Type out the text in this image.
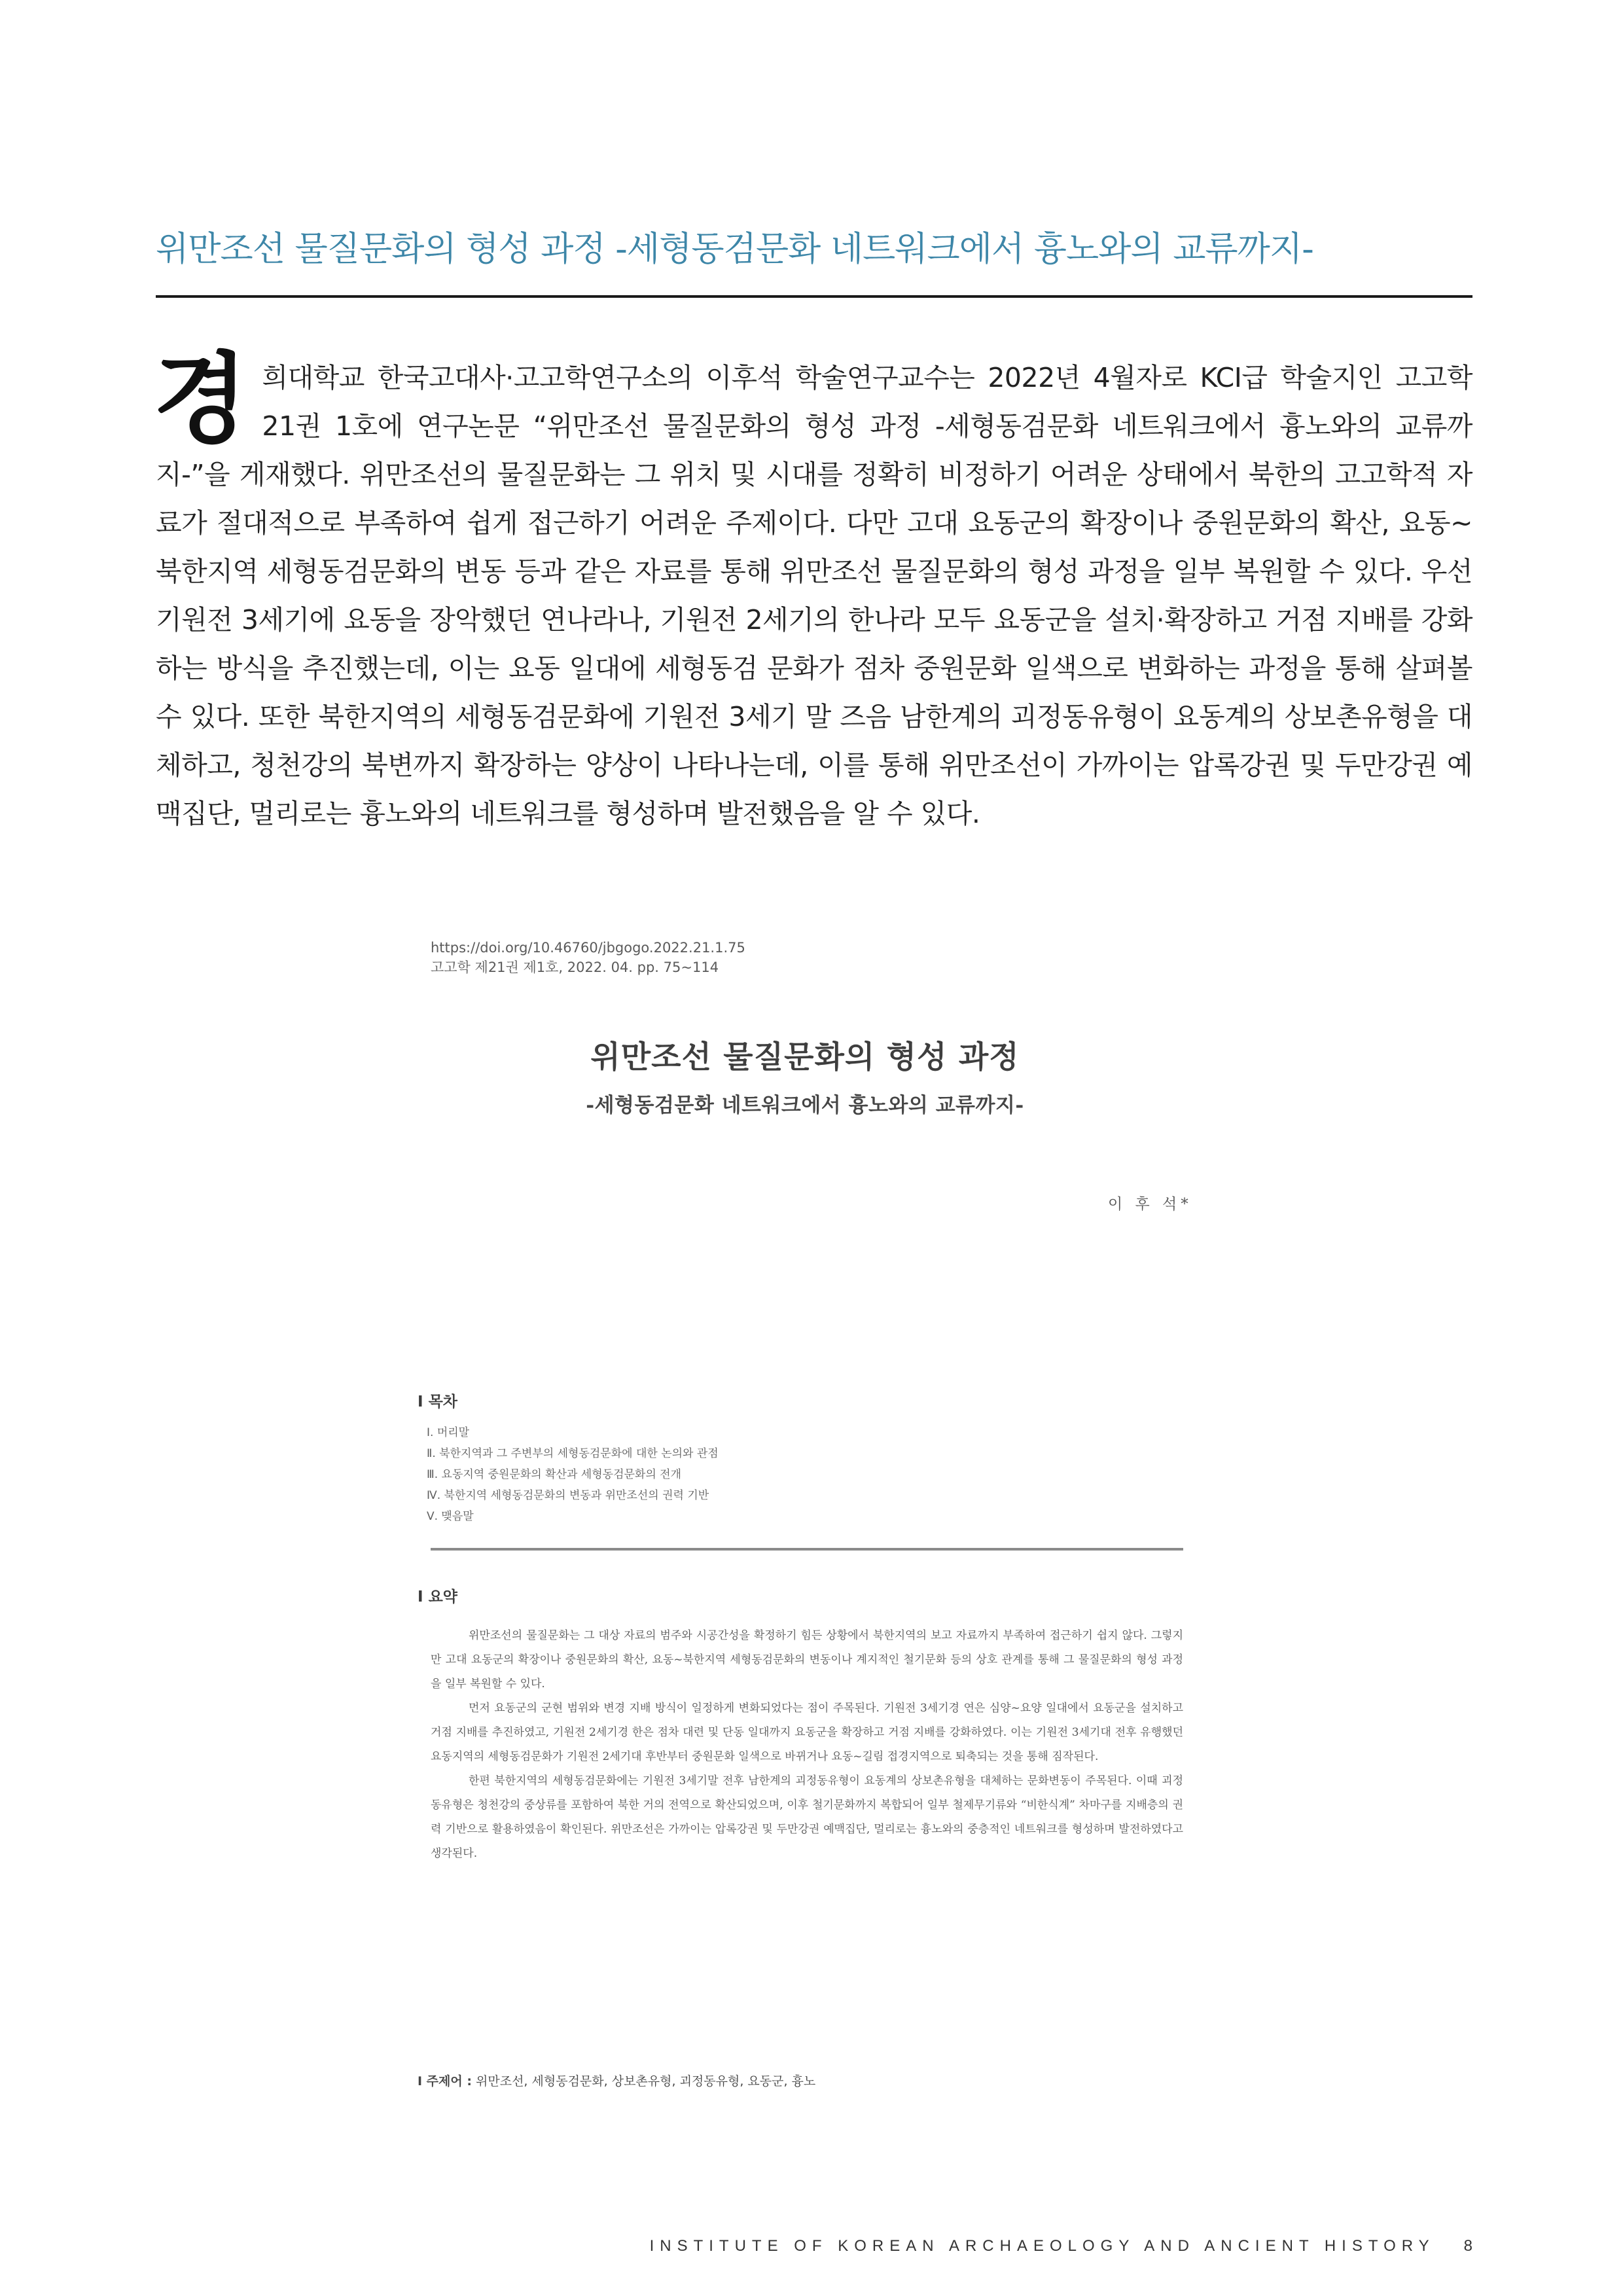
위만조선 물질문화의 형성 과정 -세형동검문화 네트워크에서 흉노와의 교류까지-
경 희대학교 한국고대사·고고학연구소의 이후석 학술연구교수는 2022년 4월자로 KCI급 학술지인 고고학 21권 1호에 연구논문 “위만조선 물질문화의 형성 과정 -세형동검문화 네트워크에서 흉노와의 교류까지-”을 게재했다. 위만조선의 물질문화는 그 위치 및 시대를 정확히 비정하기 어려운 상태에서 북한의 고고학적 자료가 절대적으로 부족하여 쉽게 접근하기 어려운 주제이다. 다만 고대 요동군의 확장이나 중원문화의 확산, 요동~북한지역 세형동검문화의 변동 등과 같은 자료를 통해 위만조선 물질문화의 형성 과정을 일부 복원할 수 있다. 우선 기원전 3세기에 요동을 장악했던 연나라나, 기원전 2세기의 한나라 모두 요동군을 설치·확장하고 거점 지배를 강화하는 방식을 추진했는데, 이는 요동 일대에 세형동검 문화가 점차 중원문화 일색으로 변화하는 과정을 통해 살펴볼 수 있다. 또한 북한지역의 세형동검문화에 기원전 3세기 말 즈음 남한계의 괴정동유형이 요동계의 상보촌유형을 대체하고, 청천강의 북변까지 확장하는 양상이 나타나는데, 이를 통해 위만조선이 가까이는 압록강권 및 두만강권 예맥집단, 멀리로는 흉노와의 네트워크를 형성하며 발전했음을 알 수 있다.
https://doi.org/10.46760/jbgogo.2022.21.1.75
고고학 제21권 제1호, 2022. 04. pp. 75~114
위만조선 물질문화의 형성 과정
-세형동검문화 네트워크에서 흉노와의 교류까지-
이 후 석*
Ⅰ 목차
Ⅰ. 머리말
Ⅱ. 북한지역과 그 주변부의 세형동검문화에 대한 논의와 관점
Ⅲ. 요동지역 중원문화의 확산과 세형동검문화의 전개
Ⅳ. 북한지역 세형동검문화의 변동과 위만조선의 권력 기반
Ⅴ. 맺음말
Ⅰ 요약

위만조선의 물질문화는 그 대상 자료의 범주와 시공간성을 확정하기 힘든 상황에서 북한지역의 보고 자료까지 부족하여 접근하기 쉽지 않다. 그렇지만 고대 요동군의 확장이나 중원문화의 확산, 요동~북한지역 세형동검문화의 변동이나 계지적인 철기문화 등의 상호 관계를 통해 그 물질문화의 형성 과정을 일부 복원할 수 있다.

먼저 요동군의 군현 범위와 변경 지배 방식이 일정하게 변화되었다는 점이 주목된다. 기원전 3세기경 연은 심양~요양 일대에서 요동군을 설치하고 거점 지배를 추진하였고, 기원전 2세기경 한은 점차 대련 및 단동 일대까지 요동군을 확장하고 거점 지배를 강화하였다. 이는 기원전 3세기대 전후 유행했던 요동지역의 세형동검문화가 기원전 2세기대 후반부터 중원문화 일색으로 바뀌거나 요동~길림 접경지역으로 퇴축되는 것을 통해 짐작된다.

한편 북한지역의 세형동검문화에는 기원전 3세기말 전후 남한계의 괴정동유형이 요동계의 상보촌유형을 대체하는 문화변동이 주목된다. 이때 괴정동유형은 청천강의 중상류를 포함하여 북한 거의 전역으로 확산되었으며, 이후 철기문화까지 복합되어 일부 철제무기류와 “비한식계” 차마구를 지배층의 권력 기반으로 활용하였음이 확인된다. 위만조선은 가까이는 압록강권 및 두만강권 예맥집단, 멀리로는 흉노와의 중층적인 네트워크를 형성하며 발전하였다고 생각된다.

Ⅰ 주제어 : 위만조선, 세형동검문화, 상보촌유형, 괴정동유형, 요동군, 흉노
INSTITUTE OF KOREAN ARCHAEOLOGY AND ANCIENT HISTORY 8
